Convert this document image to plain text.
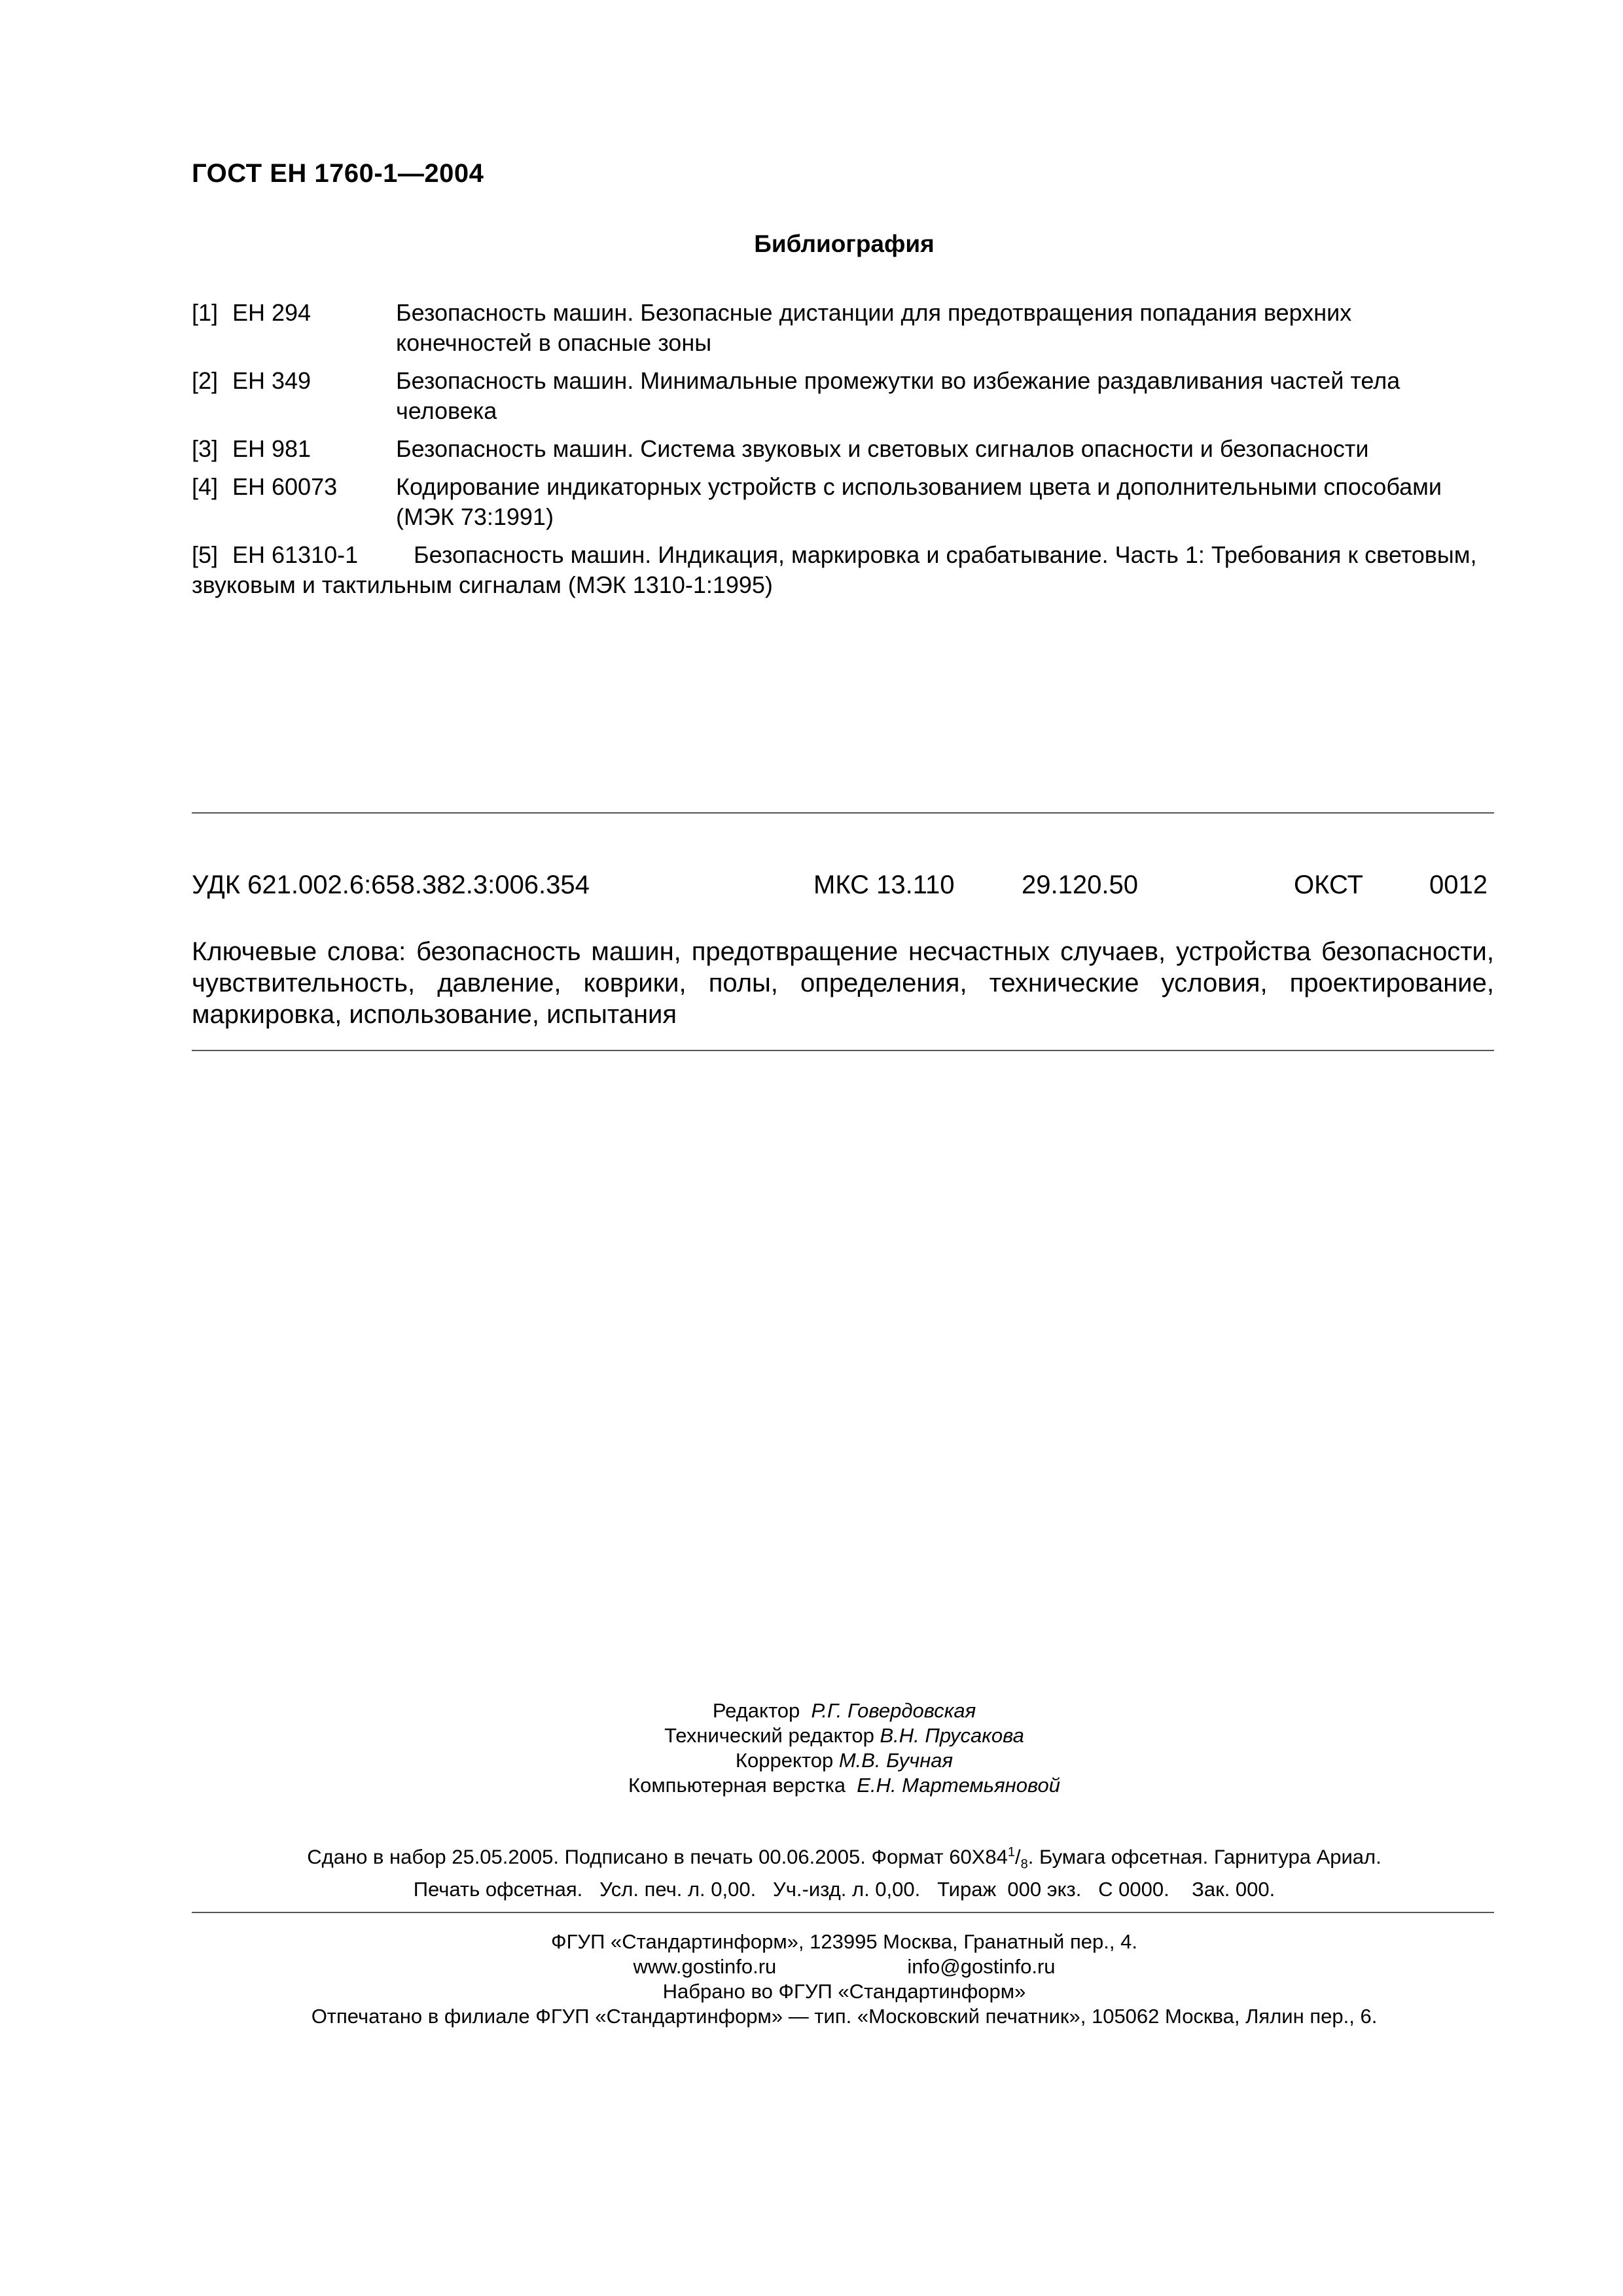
ГОСТ ЕН 1760-1—2004
Библиография
[1] ЕН 294	Безопасность машин. Безопасные дистанции для предотвращения попадания верхних конечностей в опасные зоны
[2] ЕН 349	Безопасность машин. Минимальные промежутки во избежание раздавливания частей тела человека
[3] ЕН 981	Безопасность машин. Система звуковых и световых сигналов опасности и безопасности
[4] ЕН 60073	Кодирование индикаторных устройств с использованием цвета и дополнительными способами (МЭК 73:1991)
[5] ЕН 61310-1 Безопасность машин. Индикация, маркировка и срабатывание. Часть 1: Требования к световым, звуковым и тактильным сигналам (МЭК 1310-1:1995)
УДК 621.002.6:658.382.3:006.354	МКС 13.110	29.120.50	ОКСТ	0012
Ключевые слова: безопасность машин, предотвращение несчастных случаев, устройства безопасности, чувствительность, давление, коврики, полы, определения, технические условия, проектирование, маркировка, использование, испытания
Редактор Р.Г. Говердовская
Технический редактор В.Н. Прусакова
Корректор М.В. Бучная
Компьютерная верстка Е.Н. Мартемьяновой
Сдано в набор 25.05.2005. Подписано в печать 00.06.2005. Формат $60Х84^1/_8$. Бумага офсетная. Гарнитура Ариал.
Печать офсетная.   Усл. печ. л. 0,00.   Уч.-изд. л. 0,00.   Тираж  000 экз.   С 0000.    Зак. 000.
ФГУП «Стандартинформ», 123995 Москва, Гранатный пер., 4.
www.gostinfo.ru	info@gostinfo.ru
Набрано во ФГУП «Стандартинформ»
Отпечатано в филиале ФГУП «Стандартинформ» — тип. «Московский печатник», 105062 Москва, Лялин пер., 6.
